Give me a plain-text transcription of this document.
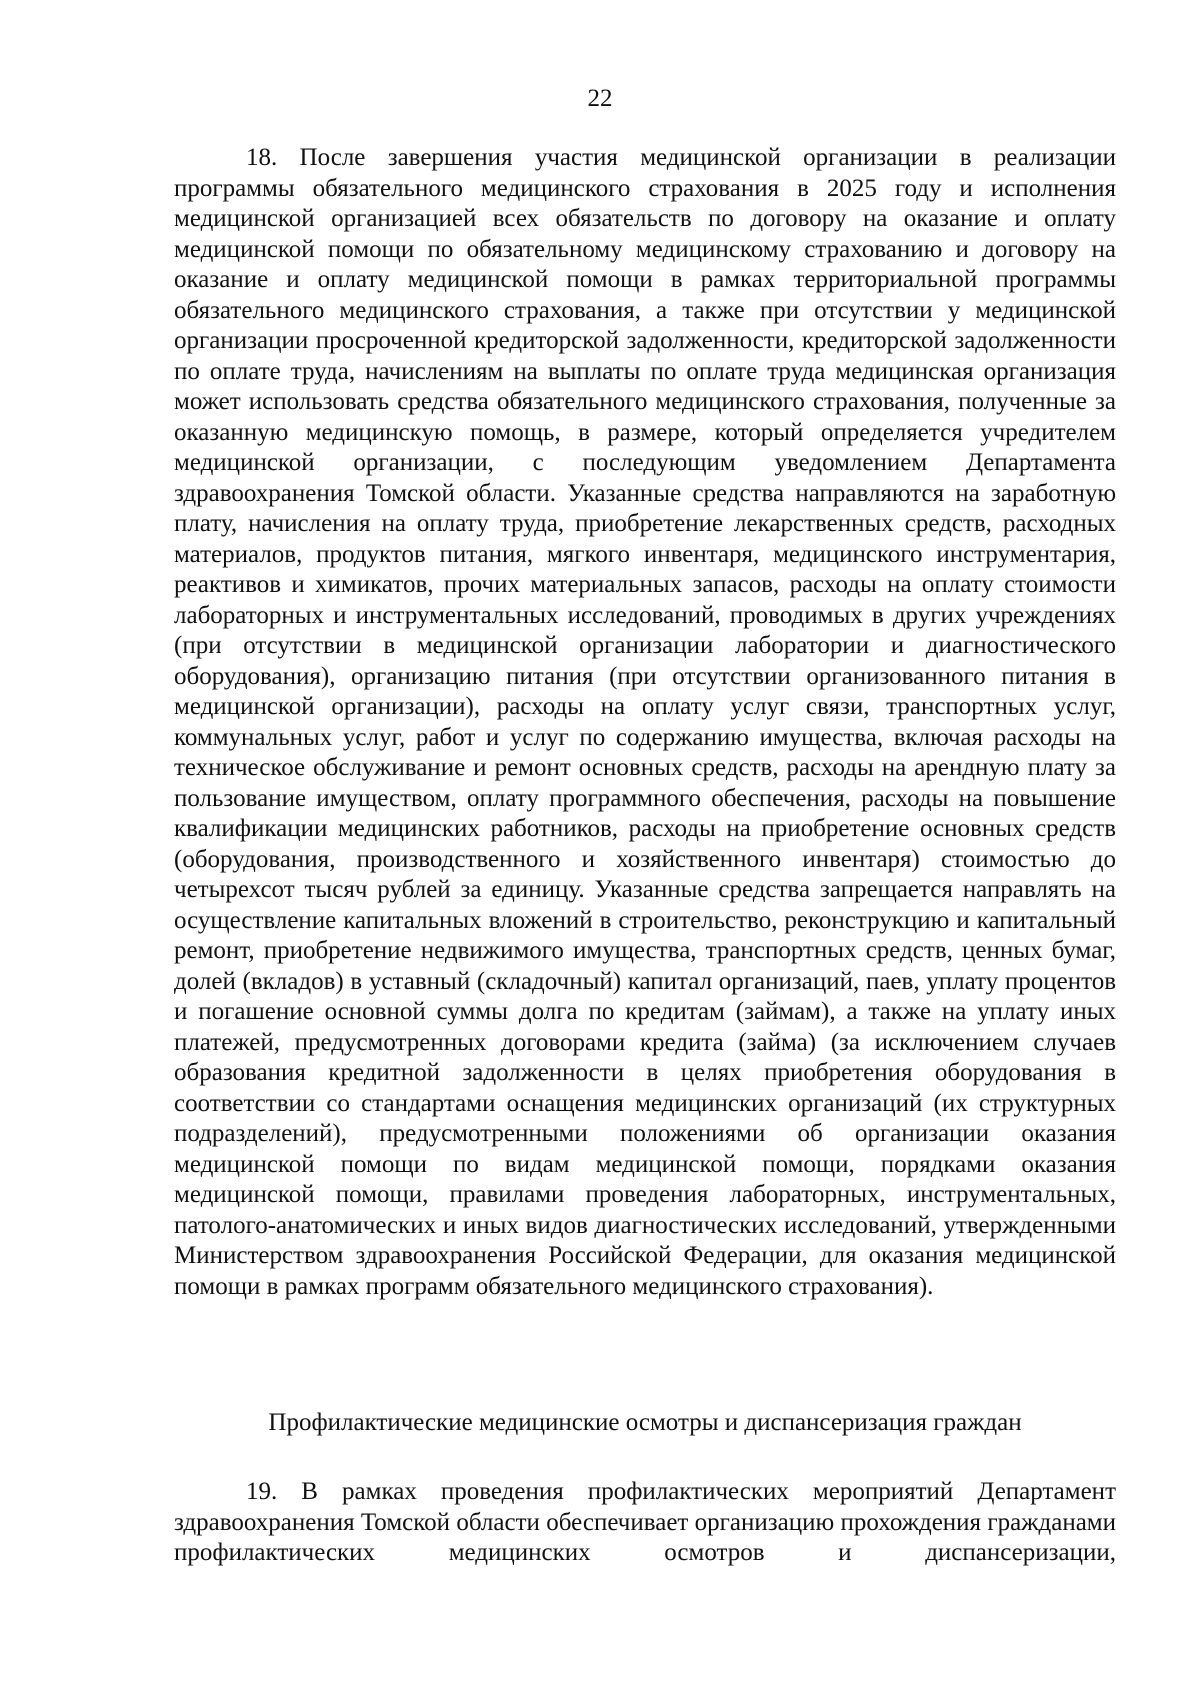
22

18. После завершения участия медицинской организации в реализации программы обязательного медицинского страхования в 2025 году и исполнения медицинской организацией всех обязательств по договору на оказание и оплату медицинской помощи по обязательному медицинскому страхованию и договору на оказание и оплату медицинской помощи в рамках территориальной программы обязательного медицинского страхования, а также при отсутствии у медицинской организации просроченной кредиторской задолженности, кредиторской задолженности по оплате труда, начислениям на выплаты по оплате труда медицинская организация может использовать средства обязательного медицинского страхования, полученные за оказанную медицинскую помощь, в размере, который определяется учредителем медицинской организации, с последующим уведомлением Департамента здравоохранения Томской области. Указанные средства направляются на заработную плату, начисления на оплату труда, приобретение лекарственных средств, расходных материалов, продуктов питания, мягкого инвентаря, медицинского инструментария, реактивов и химикатов, прочих материальных запасов, расходы на оплату стоимости лабораторных и инструментальных исследований, проводимых в других учреждениях (при отсутствии в медицинской организации лаборатории и диагностического оборудования), организацию питания (при отсутствии организованного питания в медицинской организации), расходы на оплату услуг связи, транспортных услуг, коммунальных услуг, работ и услуг по содержанию имущества, включая расходы на техническое обслуживание и ремонт основных средств, расходы на арендную плату за пользование имуществом, оплату программного обеспечения, расходы на повышение квалификации медицинских работников, расходы на приобретение основных средств (оборудования, производственного и хозяйственного инвентаря) стоимостью до четырехсот тысяч рублей за единицу. Указанные средства запрещается направлять на осуществление капитальных вложений в строительство, реконструкцию и капитальный ремонт, приобретение недвижимого имущества, транспортных средств, ценных бумаг, долей (вкладов) в уставный (складочный) капитал организаций, паев, уплату процентов и погашение основной суммы долга по кредитам (займам), а также на уплату иных платежей, предусмотренных договорами кредита (займа) (за исключением случаев образования кредитной задолженности в целях приобретения оборудования в соответствии со стандартами оснащения медицинских организаций (их структурных подразделений), предусмотренными положениями об организации оказания медицинской помощи по видам медицинской помощи, порядками оказания медицинской помощи, правилами проведения лабораторных, инструментальных, патолого-анатомических и иных видов диагностических исследований, утвержденными Министерством здравоохранения Российской Федерации, для оказания медицинской помощи в рамках программ обязательного медицинского страхования).

Профилактические медицинские осмотры и диспансеризация граждан

19. В рамках проведения профилактических мероприятий Департамент здравоохранения Томской области обеспечивает организацию прохождения гражданами профилактических медицинских осмотров и диспансеризации,
